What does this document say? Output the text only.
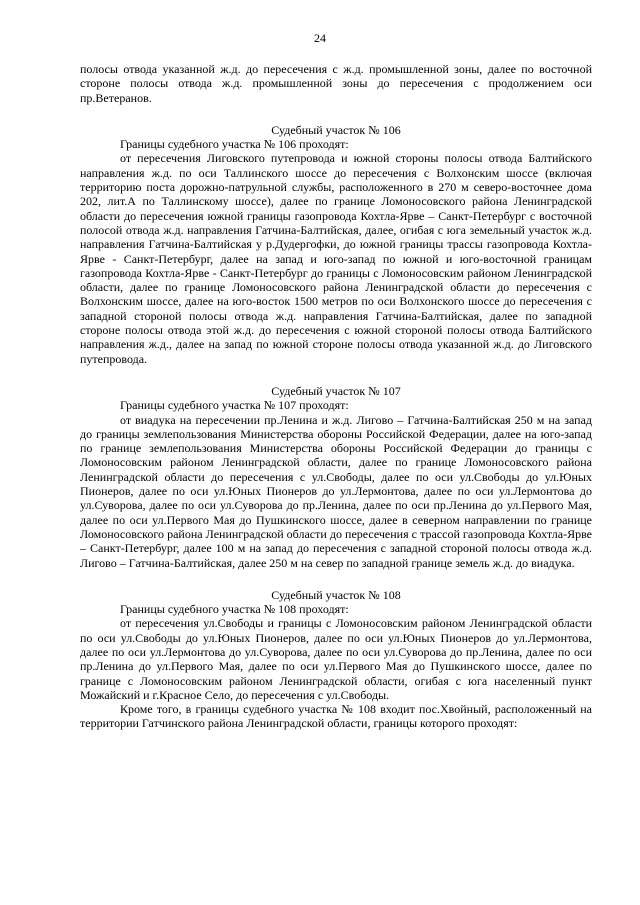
24

полосы отвода указанной ж.д. до пересечения с ж.д. промышленной зоны, далее по восточной стороне полосы отвода ж.д. промышленной зоны до пересечения с продолжением оси пр.Ветеранов.

Судебный участок № 106

Границы судебного участка № 106 проходят:

от пересечения Лиговского путепровода и южной стороны полосы отвода Балтийского направления ж.д. по оси Таллинского шоссе до пересечения с Волхонским шоссе (включая территорию поста дорожно-патрульной службы, расположенного в 270 м северо-восточнее дома 202, лит.А по Таллинскому шоссе), далее по границе Ломоносовского района Ленинградской области до пересечения южной границы газопровода Кохтла-Ярве – Санкт-Петербург с восточной полосой отвода ж.д. направления Гатчина-Балтийская, далее, огибая с юга земельный участок ж.д. направления Гатчина-Балтийская у р.Дудергофки, до южной границы трассы газопровода Кохтла-Ярве - Санкт-Петербург, далее на запад и юго-запад по южной и юго-восточной границам газопровода Кохтла-Ярве - Санкт-Петербург до границы с Ломоносовским районом Ленинградской области, далее по границе Ломоносовского района Ленинградской области до пересечения с Волхонским шоссе, далее на юго-восток 1500 метров по оси Волхонского шоссе до пересечения с западной стороной полосы отвода ж.д. направления Гатчина-Балтийская, далее по западной стороне полосы отвода этой ж.д. до пересечения с южной стороной полосы отвода Балтийского направления ж.д., далее на запад по южной стороне полосы отвода указанной ж.д. до Лиговского путепровода.

Судебный участок № 107

Границы судебного участка № 107 проходят:

от виадука на пересечении пр.Ленина и ж.д. Лигово – Гатчина-Балтийская 250 м на запад до границы землепользования Министерства обороны Российской Федерации, далее на юго-запад по границе землепользования Министерства обороны Российской Федерации до границы с Ломоносовским районом Ленинградской области, далее по границе Ломоносовского района Ленинградской области до пересечения с ул.Свободы, далее по оси ул.Свободы до ул.Юных Пионеров, далее по оси ул.Юных Пионеров до ул.Лермонтова, далее по оси ул.Лермонтова до ул.Суворова, далее по оси ул.Суворова до пр.Ленина, далее по оси пр.Ленина до ул.Первого Мая, далее по оси ул.Первого Мая до Пушкинского шоссе, далее в северном направлении по границе Ломоносовского района Ленинградской области до пересечения с трассой газопровода Кохтла-Ярве – Санкт-Петербург, далее 100 м на запад до пересечения с западной стороной полосы отвода ж.д. Лигово – Гатчина-Балтийская, далее 250 м на север по западной границе земель ж.д. до виадука.

Судебный участок № 108

Границы судебного участка № 108 проходят:

от пересечения ул.Свободы и границы с Ломоносовским районом Ленинградской области по оси ул.Свободы до ул.Юных Пионеров, далее по оси ул.Юных Пионеров до ул.Лермонтова, далее по оси ул.Лермонтова до ул.Суворова, далее по оси ул.Суворова до пр.Ленина, далее по оси пр.Ленина до ул.Первого Мая, далее по оси ул.Первого Мая до Пушкинского шоссе, далее по границе с Ломоносовским районом Ленинградской области, огибая с юга населенный пункт Можайский и г.Красное Село, до пересечения с ул.Свободы.

Кроме того, в границы судебного участка № 108 входит пос.Хвойный, расположенный на территории Гатчинского района Ленинградской области, границы которого проходят:
